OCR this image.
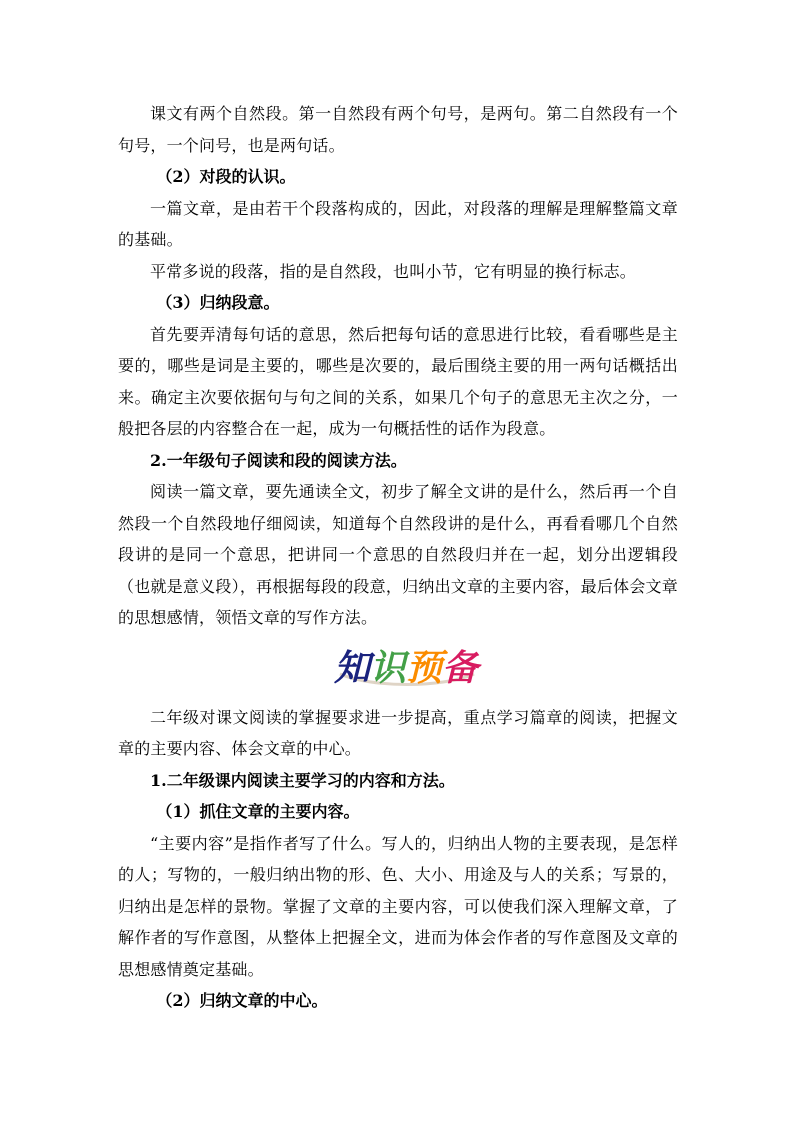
课文有两个自然段。第一自然段有两个句号，是两句。第二自然段有一个句号，一个问号，也是两句话。

（2）对段的认识。

一篇文章，是由若干个段落构成的，因此，对段落的理解是理解整篇文章的基础。

平常多说的段落，指的是自然段，也叫小节，它有明显的换行标志。

（3）归纳段意。

首先要弄清每句话的意思，然后把每句话的意思进行比较，看看哪些是主要的，哪些是词是主要的，哪些是次要的，最后围绕主要的用一两句话概括出来。确定主次要依据句与句之间的关系，如果几个句子的意思无主次之分，一般把各层的内容整合在一起，成为一句概括性的话作为段意。

2.一年级句子阅读和段的阅读方法。

阅读一篇文章，要先通读全文，初步了解全文讲的是什么，然后再一个自然段一个自然段地仔细阅读，知道每个自然段讲的是什么，再看看哪几个自然段讲的是同一个意思，把讲同一个意思的自然段归并在一起，划分出逻辑段（也就是意义段），再根据每段的段意，归纳出文章的主要内容，最后体会文章的思想感情，领悟文章的写作方法。

知 识 预 备

二年级对课文阅读的掌握要求进一步提高，重点学习篇章的阅读，把握文章的主要内容、体会文章的中心。

1.二年级课内阅读主要学习的内容和方法。

（1）抓住文章的主要内容。

“主要内容”是指作者写了什么。写人的，归纳出人物的主要表现，是怎样的人；写物的，一般归纳出物的形、色、大小、用途及与人的关系；写景的，归纳出是怎样的景物。掌握了文章的主要内容，可以使我们深入理解文章，了解作者的写作意图，从整体上把握全文，进而为体会作者的写作意图及文章的思想感情奠定基础。

（2）归纳文章的中心。
